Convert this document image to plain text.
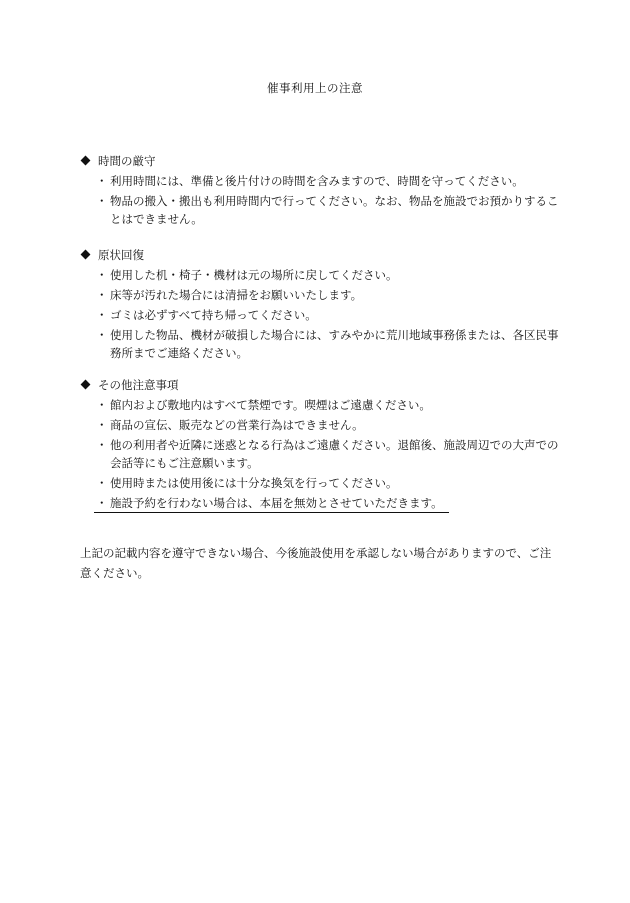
催事利用上の注意
時間の厳守
・ 利用時間には、準備と後片付けの時間を含みますので、時間を守ってください。
・ 物品の搬入・搬出も利用時間内で行ってください。なお、物品を施設でお預かりすることはできません。
原状回復
・ 使用した机・椅子・機材は元の場所に戻してください。
・ 床等が汚れた場合には清掃をお願いいたします。
・ ゴミは必ずすべて持ち帰ってください。
・ 使用した物品、機材が破損した場合には、すみやかに荒川地域事務係または、各区民事務所までご連絡ください。
その他注意事項
・ 館内および敷地内はすべて禁煙です。喫煙はご遠慮ください。
・ 商品の宣伝、販売などの営業行為はできません。
・ 他の利用者や近隣に迷惑となる行為はご遠慮ください。退館後、施設周辺での大声での会話等にもご注意願います。
・ 使用時または使用後には十分な換気を行ってください。
・ 施設予約を行わない場合は、本届を無効とさせていただきます。
上記の記載内容を遵守できない場合、今後施設使用を承認しない場合がありますので、ご注意ください。
